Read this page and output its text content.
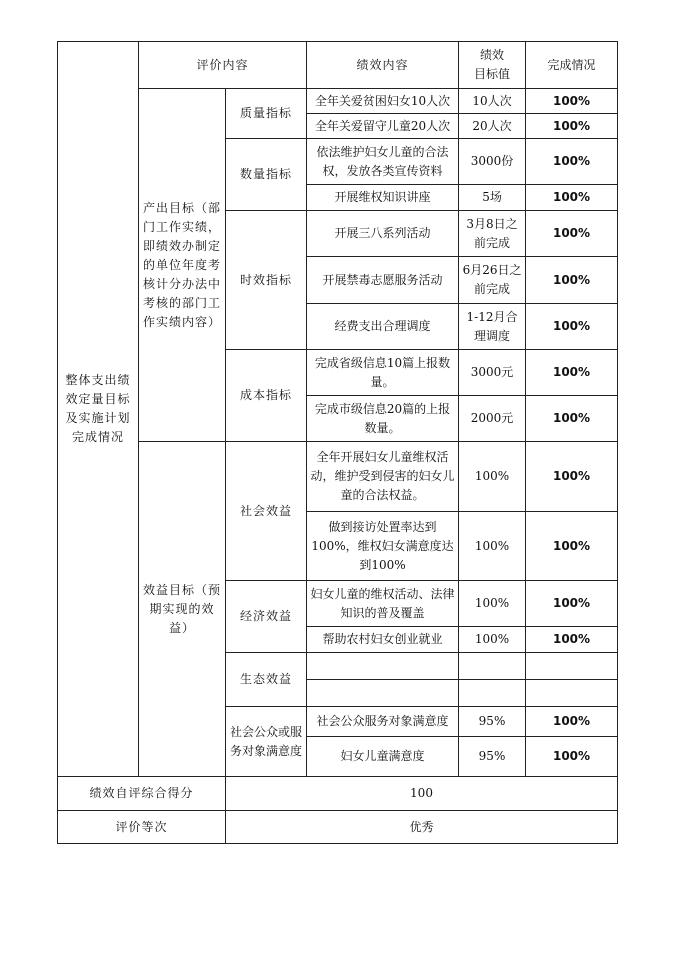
整体支出绩效定量目标及实施计划完成情况	评价内容		绩效内容	绩效
目标值	完成情况
	产出目标（部门工作实绩，即绩效办制定的单位年度考核计分办法中考核的部门工作实绩内容）	质量指标	全年关爱贫困妇女10人次	10人次	100%
			全年关爱留守儿童20人次	20人次	100%
		数量指标	依法维护妇女儿童的合法权，发放各类宣传资料	3000份	100%
			开展维权知识讲座	5场	100%
		时效指标	开展三八系列活动	3月8日之前完成	100%
			开展禁毒志愿服务活动	6月26日之前完成	100%
			经费支出合理调度	1-12月合理调度	100%
		成本指标	完成省级信息10篇上报数量。	3000元	100%
			完成市级信息20篇的上报数量。	2000元	100%
	效益目标（预期实现的效益）	社会效益	全年开展妇女儿童维权活动，维护受到侵害的妇女儿童的合法权益。	100%	100%
			做到接访处置率达到100%，维权妇女满意度达到100%	100%	100%
		经济效益	妇女儿童的维权活动、法律知识的普及覆盖	100%	100%
			帮助农村妇女创业就业	100%	100%
		生态效益			

		社会公众或服务对象满意度	社会公众服务对象满意度	95%	100%
			妇女儿童满意度	95%	100%
绩效自评综合得分		100			
评价等次		优秀			
